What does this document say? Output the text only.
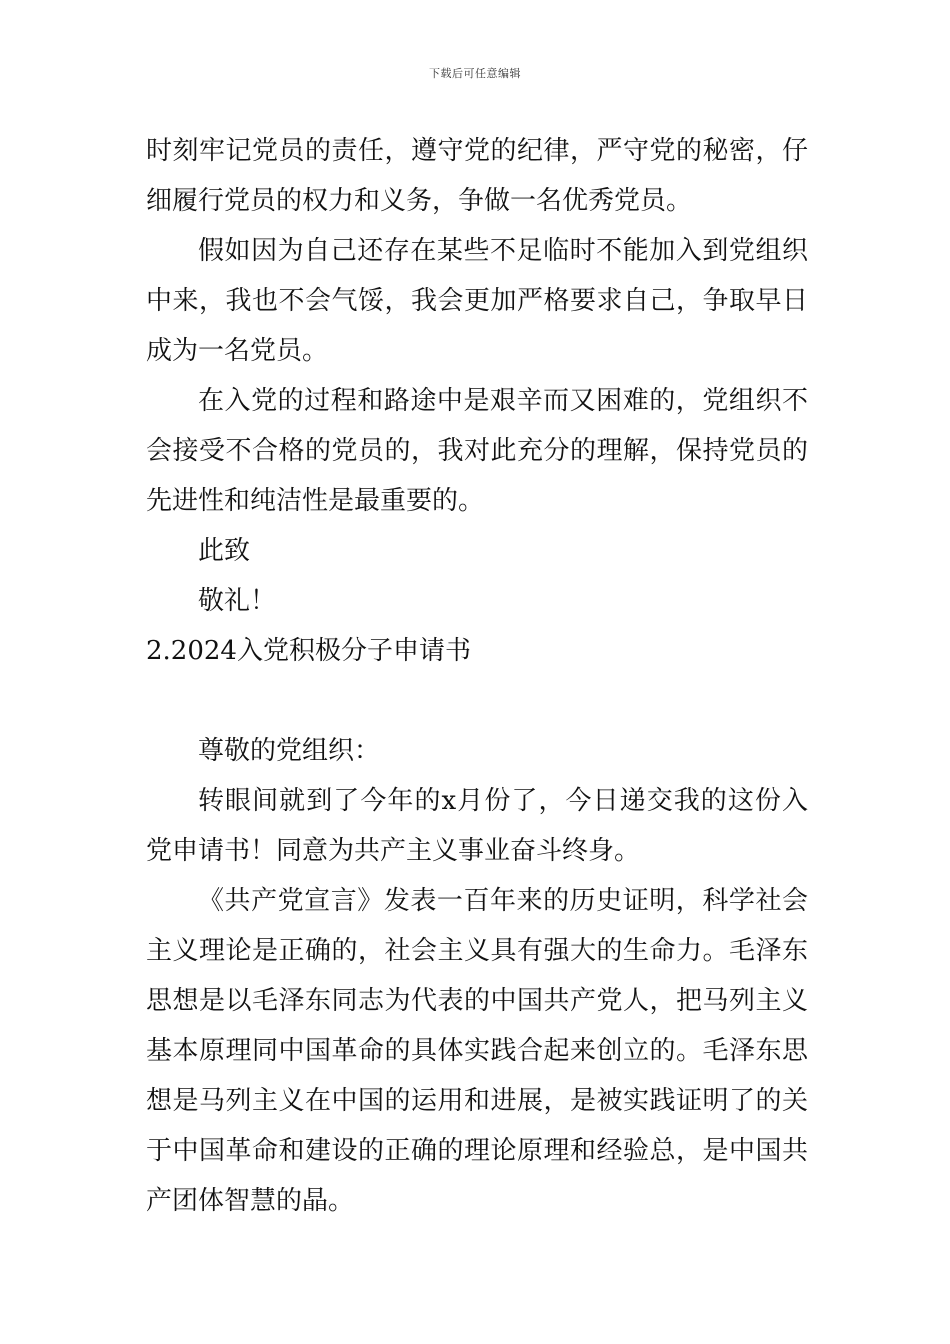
下载后可任意编辑

时刻牢记党员的责任，遵守党的纪律，严守党的秘密，仔细履行党员的权力和义务，争做一名优秀党员。

假如因为自己还存在某些不足临时不能加入到党组织中来，我也不会气馁，我会更加严格要求自己，争取早日成为一名党员。

在入党的过程和路途中是艰辛而又困难的，党组织不会接受不合格的党员的，我对此充分的理解，保持党员的先进性和纯洁性是最重要的。

此致

敬礼！

2.2024入党积极分子申请书

尊敬的党组织：

转眼间就到了今年的x月份了，今日递交我的这份入党申请书！同意为共产主义事业奋斗终身。

《共产党宣言》发表一百年来的历史证明，科学社会主义理论是正确的，社会主义具有强大的生命力。毛泽东思想是以毛泽东同志为代表的中国共产党人，把马列主义基本原理同中国革命的具体实践合起来创立的。毛泽东思想是马列主义在中国的运用和进展，是被实践证明了的关于中国革命和建设的正确的理论原理和经验总，是中国共产团体智慧的晶。
